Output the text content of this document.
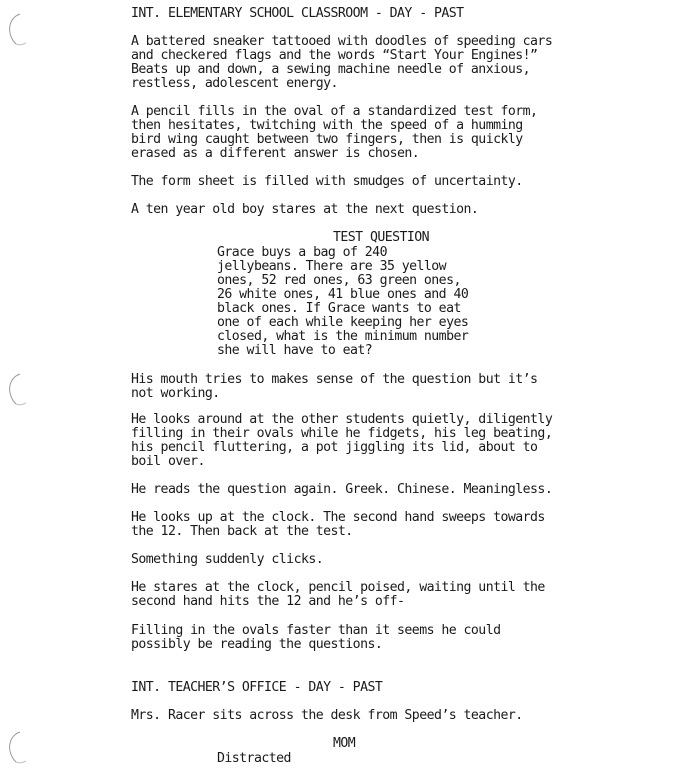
INT. ELEMENTARY SCHOOL CLASSROOM - DAY - PAST

A battered sneaker tattooed with doodles of speeding cars
and checkered flags and the words “Start Your Engines!”
Beats up and down, a sewing machine needle of anxious,
restless, adolescent energy.

A pencil fills in the oval of a standardized test form,
then hesitates, twitching with the speed of a humming
bird wing caught between two fingers, then is quickly
erased as a different answer is chosen.

The form sheet is filled with smudges of uncertainty.

A ten year old boy stares at the next question.

TEST QUESTION

Grace buys a bag of 240
jellybeans. There are 35 yellow
ones, 52 red ones, 63 green ones,
26 white ones, 41 blue ones and 40
black ones. If Grace wants to eat
one of each while keeping her eyes
closed, what is the minimum number
she will have to eat?

His mouth tries to makes sense of the question but it’s
not working.

He looks around at the other students quietly, diligently
filling in their ovals while he fidgets, his leg beating,
his pencil fluttering, a pot jiggling its lid, about to
boil over.

He reads the question again. Greek. Chinese. Meaningless.

He looks up at the clock. The second hand sweeps towards
the 12. Then back at the test.

Something suddenly clicks.

He stares at the clock, pencil poised, waiting until the
second hand hits the 12 and he’s off-

Filling in the ovals faster than it seems he could
possibly be reading the questions.

INT. TEACHER’S OFFICE - DAY - PAST

Mrs. Racer sits across the desk from Speed’s teacher.

MOM

Distracted
